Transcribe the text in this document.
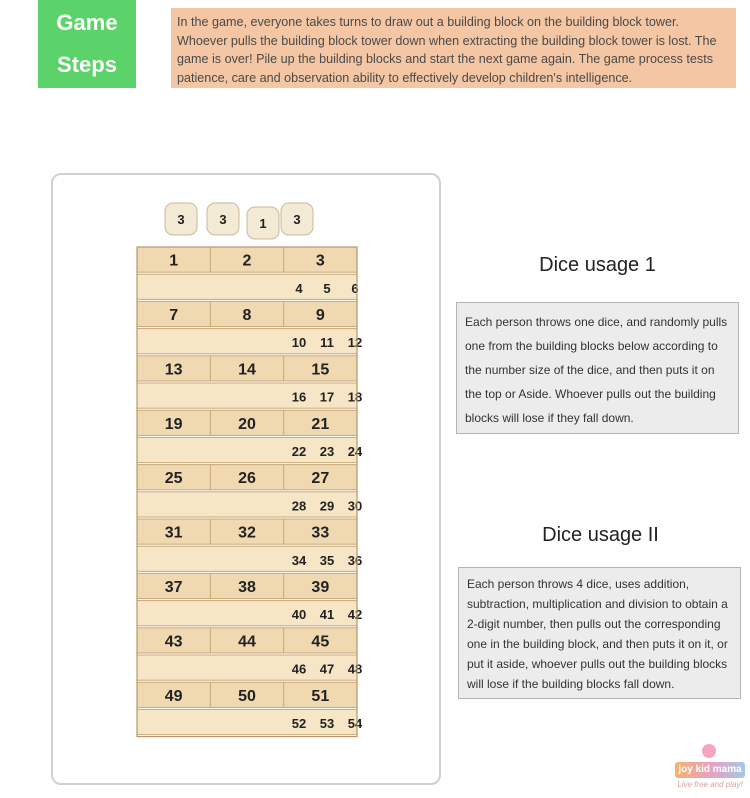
Game
Steps
In the game, everyone takes turns to draw out a building block on the building block tower. Whoever pulls the building block tower down when extracting the building block tower is lost. The game is over! Pile up the building blocks and start the next game again. The game process tests patience, care and observation ability to effectively develop children's intelligence.
1	2	3
4 5 6
7	8	9
10 11 12
13	14	15
16 17 18
19	20	21
22 23 24
25	26	27
28 29 30
31	32	33
34 35 36
37	38	39
40 41 42
43	44	45
46 47 48
49	50	51
52 53 54
3	3	1 3
Dice usage 1
Each person throws one dice, and randomly pulls one from the building blocks below according to the number size of the dice, and then puts it on the top or Aside. Whoever pulls out the building blocks will lose if they fall down.
Dice usage II
Each person throws 4 dice, uses addition, subtraction, multiplication and division to obtain a 2-digit number, then pulls out the corresponding one in the building block, and then puts it on it, or put it aside, whoever pulls out the building blocks will lose if the building blocks fall down.
joy kid mama
Live free and play!
